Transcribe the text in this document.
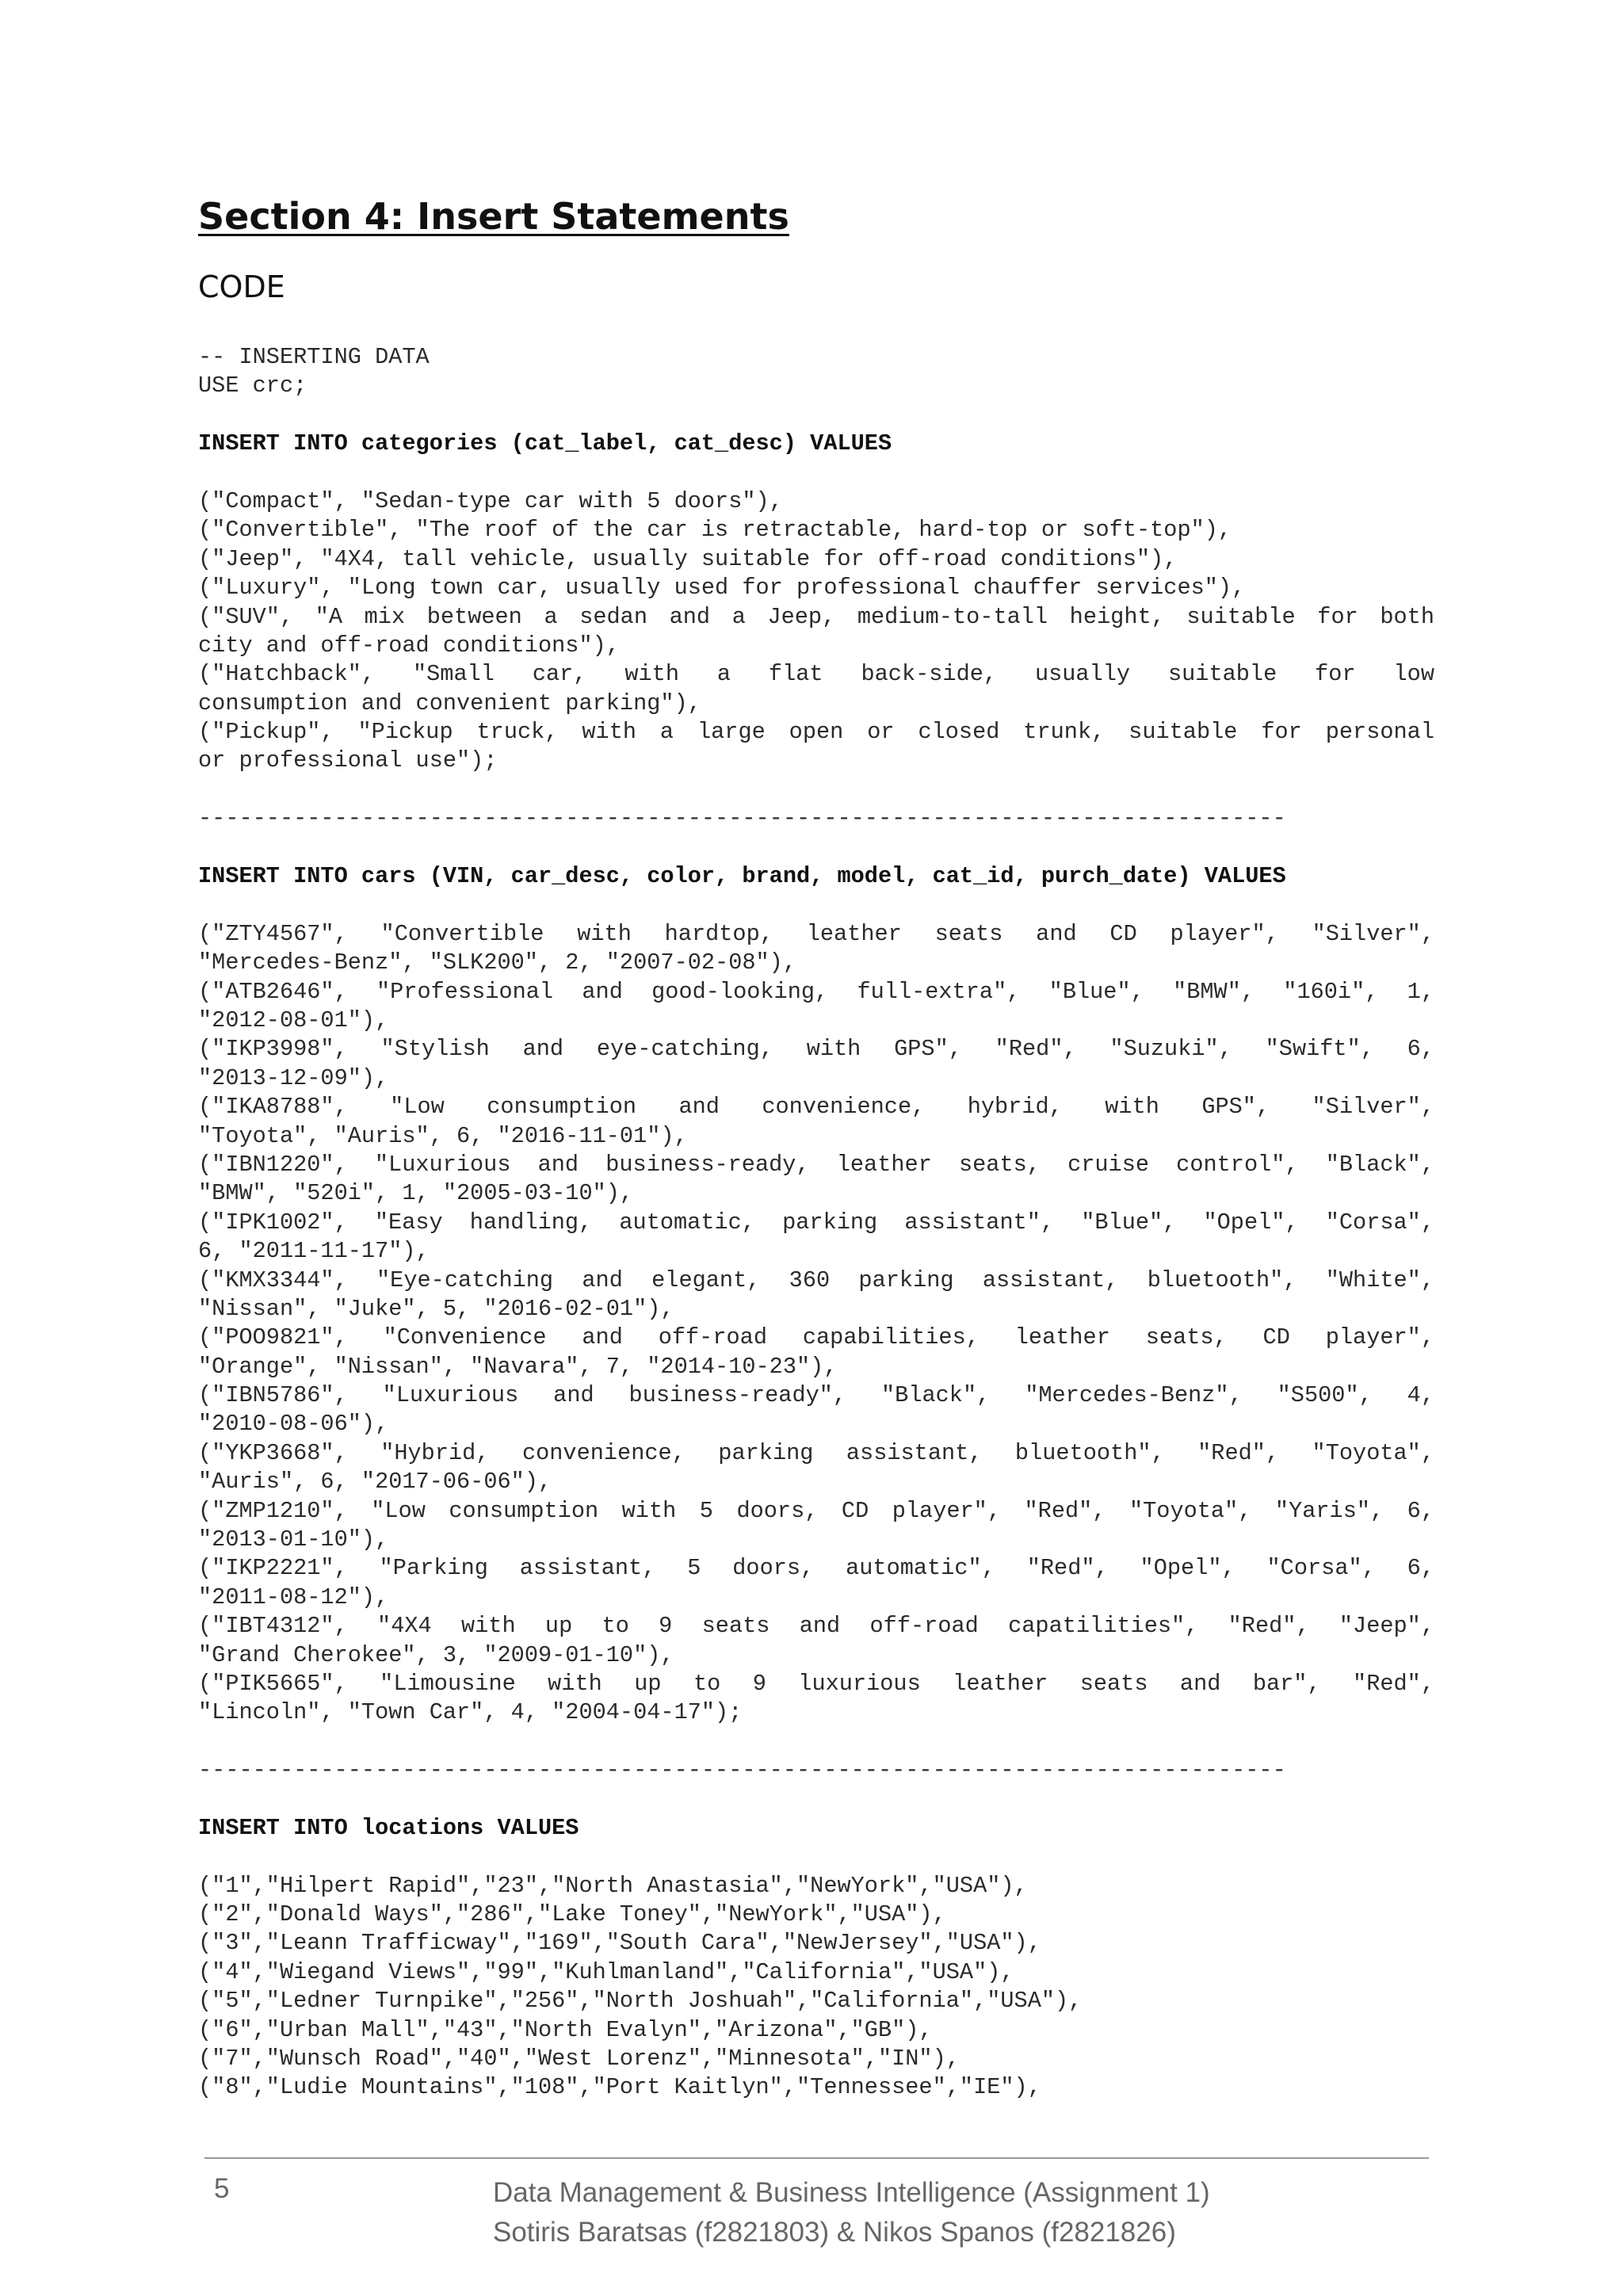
Section 4: Insert Statements
CODE
-- INSERTING DATA
USE crc;
INSERT INTO categories (cat_label, cat_desc) VALUES
("Compact", "Sedan-type car with 5 doors"),
("Convertible", "The roof of the car is retractable, hard-top or soft-top"),
("Jeep", "4X4, tall vehicle, usually suitable for off-road conditions"),
("Luxury", "Long town car, usually used for professional chauffer services"),
("SUV", "A mix between a sedan and a Jeep, medium-to-tall height, suitable for both
city and off-road conditions"),
("Hatchback", "Small car, with a flat back-side, usually suitable for low
consumption and convenient parking"),
("Pickup", "Pickup truck, with a large open or closed trunk, suitable for personal
or professional use");
--------------------------------------------------------------------------------
INSERT INTO cars (VIN, car_desc, color, brand, model, cat_id, purch_date) VALUES
("ZTY4567", "Convertible with hardtop, leather seats and CD player", "Silver",
"Mercedes-Benz", "SLK200", 2, "2007-02-08"),
("ATB2646", "Professional and good-looking, full-extra", "Blue", "BMW", "160i", 1,
"2012-08-01"),
("IKP3998", "Stylish and eye-catching, with GPS", "Red", "Suzuki", "Swift", 6,
"2013-12-09"),
("IKA8788", "Low consumption and convenience, hybrid, with GPS", "Silver",
"Toyota", "Auris", 6, "2016-11-01"),
("IBN1220", "Luxurious and business-ready, leather seats, cruise control", "Black",
"BMW", "520i", 1, "2005-03-10"),
("IPK1002", "Easy handling, automatic, parking assistant", "Blue", "Opel", "Corsa",
6, "2011-11-17"),
("KMX3344", "Eye-catching and elegant, 360 parking assistant, bluetooth", "White",
"Nissan", "Juke", 5, "2016-02-01"),
("POO9821", "Convenience and off-road capabilities, leather seats, CD player",
"Orange", "Nissan", "Navara", 7, "2014-10-23"),
("IBN5786", "Luxurious and business-ready", "Black", "Mercedes-Benz", "S500", 4,
"2010-08-06"),
("YKP3668", "Hybrid, convenience, parking assistant, bluetooth", "Red", "Toyota",
"Auris", 6, "2017-06-06"),
("ZMP1210", "Low consumption with 5 doors, CD player", "Red", "Toyota", "Yaris", 6,
"2013-01-10"),
("IKP2221", "Parking assistant, 5 doors, automatic", "Red", "Opel", "Corsa", 6,
"2011-08-12"),
("IBT4312", "4X4 with up to 9 seats and off-road capatilities", "Red", "Jeep",
"Grand Cherokee", 3, "2009-01-10"),
("PIK5665", "Limousine with up to 9 luxurious leather seats and bar", "Red",
"Lincoln", "Town Car", 4, "2004-04-17");
--------------------------------------------------------------------------------
INSERT INTO locations VALUES
("1","Hilpert Rapid","23","North Anastasia","NewYork","USA"),
("2","Donald Ways","286","Lake Toney","NewYork","USA"),
("3","Leann Trafficway","169","South Cara","NewJersey","USA"),
("4","Wiegand Views","99","Kuhlmanland","California","USA"),
("5","Ledner Turnpike","256","North Joshuah","California","USA"),
("6","Urban Mall","43","North Evalyn","Arizona","GB"),
("7","Wunsch Road","40","West Lorenz","Minnesota","IN"),
("8","Ludie Mountains","108","Port Kaitlyn","Tennessee","IE"),
5	Data Management & Business Intelligence (Assignment 1)
Sotiris Baratsas (f2821803) & Nikos Spanos (f2821826)
